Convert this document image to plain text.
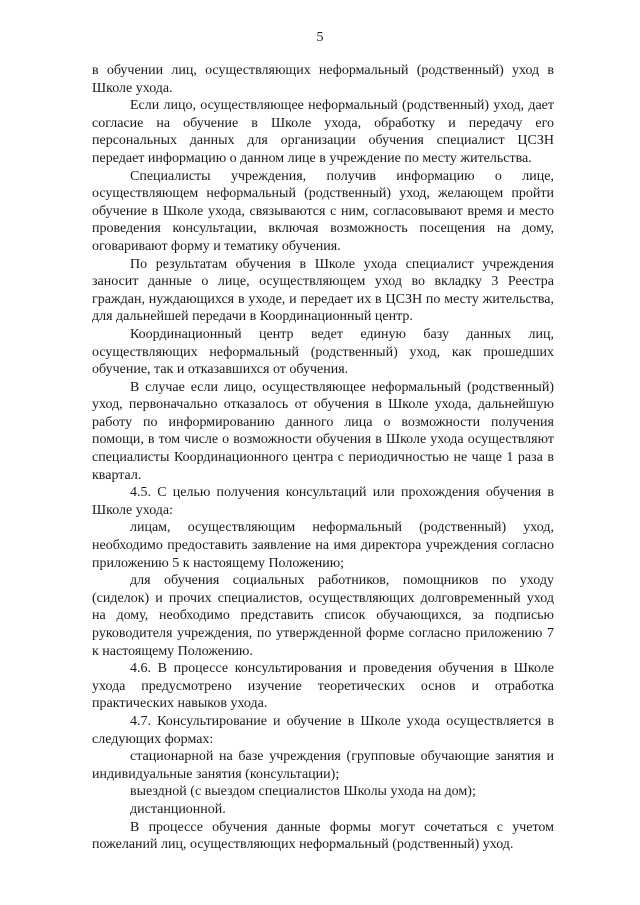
5

в обучении лиц, осуществляющих неформальный (родственный) уход в Школе ухода.

Если лицо, осуществляющее неформальный (родственный) уход, дает согласие на обучение в Школе ухода, обработку и передачу его персональных данных для организации обучения специалист ЦСЗН передает информацию о данном лице в учреждение по месту жительства.

Специалисты учреждения, получив информацию о лице, осуществляющем неформальный (родственный) уход, желающем пройти обучение в Школе ухода, связываются с ним, согласовывают время и место проведения консультации, включая возможность посещения на дому, оговаривают форму и тематику обучения.

По результатам обучения в Школе ухода специалист учреждения заносит данные о лице, осуществляющем уход во вкладку 3 Реестра граждан, нуждающихся в уходе, и передает их в ЦСЗН по месту жительства, для дальнейшей передачи в Координационный центр.

Координационный центр ведет единую базу данных лиц, осуществляющих неформальный (родственный) уход, как прошедших обучение, так и отказавшихся от обучения.

В случае если лицо, осуществляющее неформальный (родственный) уход, первоначально отказалось от обучения в Школе ухода, дальнейшую работу по информированию данного лица о возможности получения помощи, в том числе о возможности обучения в Школе ухода осуществляют специалисты Координационного центра с периодичностью не чаще 1 раза в квартал.

4.5. С целью получения консультаций или прохождения обучения в Школе ухода:

лицам, осуществляющим неформальный (родственный) уход, необходимо предоставить заявление на имя директора учреждения согласно приложению 5 к настоящему Положению;

для обучения социальных работников, помощников по уходу (сиделок) и прочих специалистов, осуществляющих долговременный уход на дому, необходимо представить список обучающихся, за подписью руководителя учреждения, по утвержденной форме согласно приложению 7 к настоящему Положению.

4.6. В процессе консультирования и проведения обучения в Школе ухода предусмотрено изучение теоретических основ и отработка практических навыков ухода.

4.7. Консультирование и обучение в Школе ухода осуществляется в следующих формах:

стационарной на базе учреждения (групповые обучающие занятия и индивидуальные занятия (консультации);

выездной (с выездом специалистов Школы ухода на дом);

дистанционной.

В процессе обучения данные формы могут сочетаться с учетом пожеланий лиц, осуществляющих неформальный (родственный) уход.
